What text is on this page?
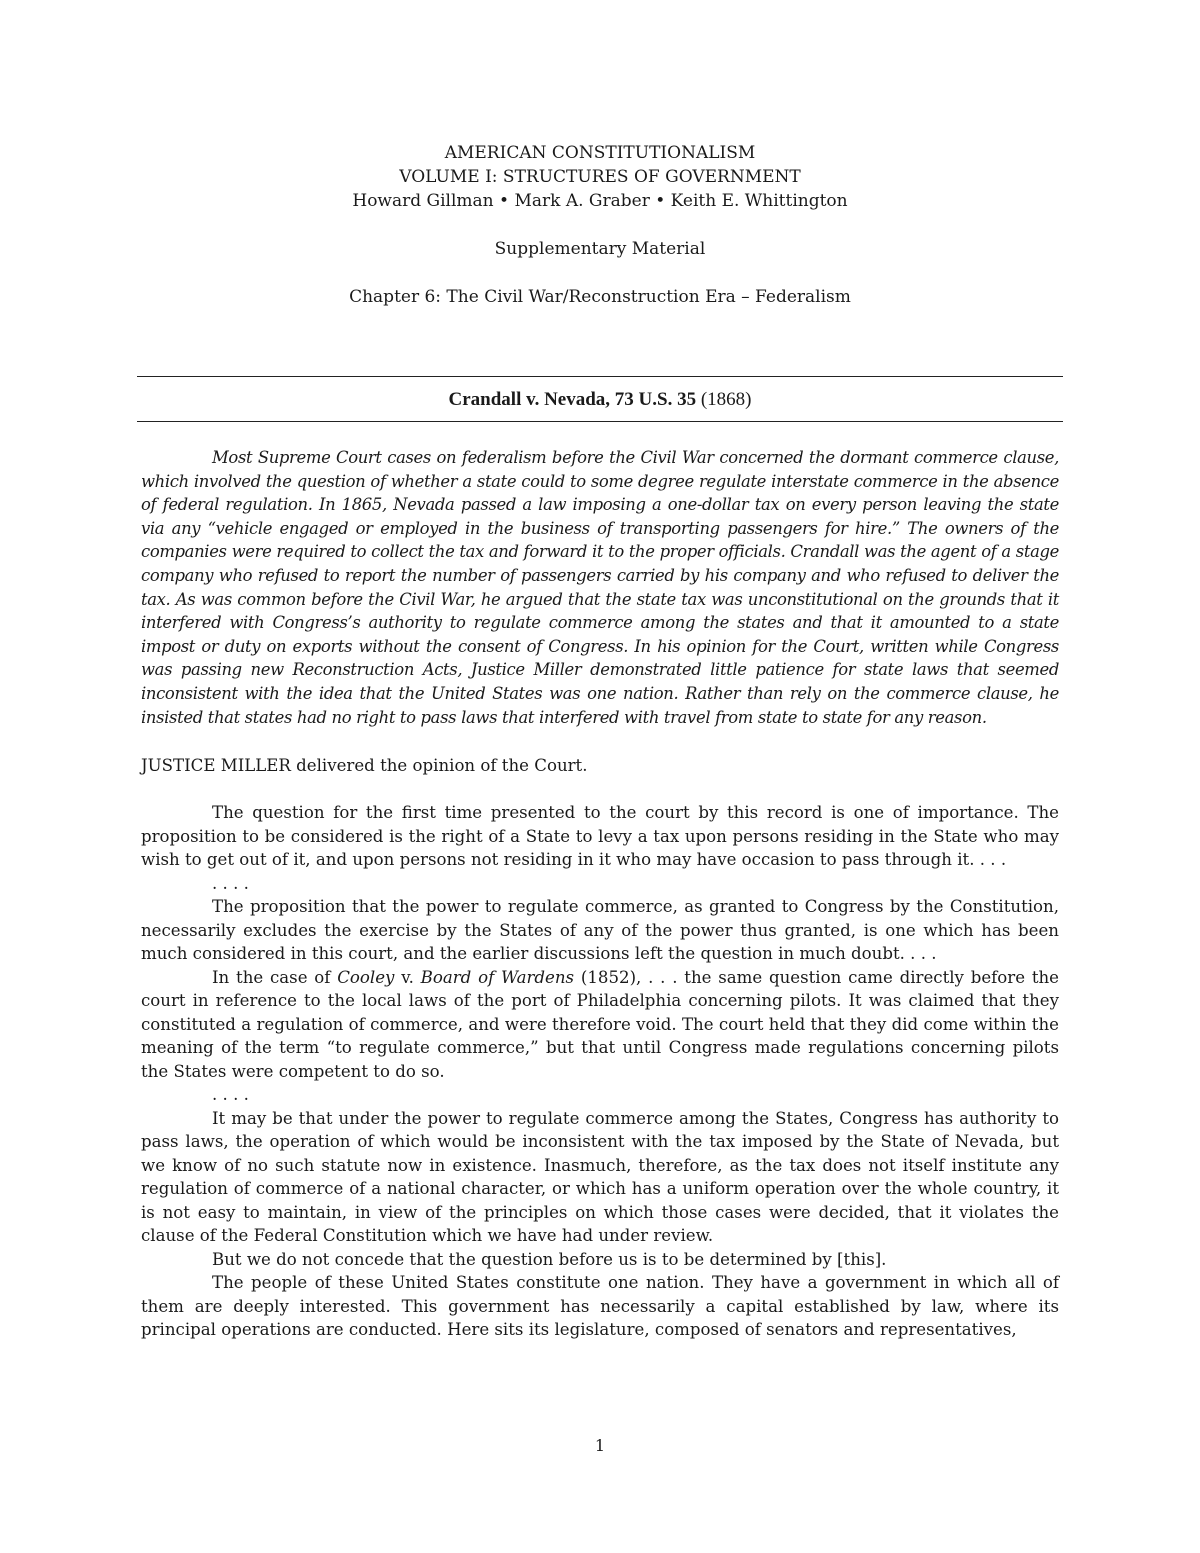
AMERICAN CONSTITUTIONALISM
VOLUME I: STRUCTURES OF GOVERNMENT
Howard Gillman • Mark A. Graber • Keith E. Whittington
Supplementary Material
Chapter 6: The Civil War/Reconstruction Era – Federalism
Crandall v. Nevada, 73 U.S. 35 (1868)

Most Supreme Court cases on federalism before the Civil War concerned the dormant commerce clause, which involved the question of whether a state could to some degree regulate interstate commerce in the absence of federal regulation. In 1865, Nevada passed a law imposing a one-dollar tax on every person leaving the state via any “vehicle engaged or employed in the business of transporting passengers for hire.” The owners of the companies were required to collect the tax and forward it to the proper officials. Crandall was the agent of a stage company who refused to report the number of passengers carried by his company and who refused to deliver the tax. As was common before the Civil War, he argued that the state tax was unconstitutional on the grounds that it interfered with Congress’s authority to regulate commerce among the states and that it amounted to a state impost or duty on exports without the consent of Congress. In his opinion for the Court, written while Congress was passing new Reconstruction Acts, Justice Miller demonstrated little patience for state laws that seemed inconsistent with the idea that the United States was one nation. Rather than rely on the commerce clause, he insisted that states had no right to pass laws that interfered with travel from state to state for any reason.

JUSTICE MILLER delivered the opinion of the Court.

The question for the first time presented to the court by this record is one of importance. The proposition to be considered is the right of a State to levy a tax upon persons residing in the State who may wish to get out of it, and upon persons not residing in it who may have occasion to pass through it. . . .

. . . .

The proposition that the power to regulate commerce, as granted to Congress by the Constitution, necessarily excludes the exercise by the States of any of the power thus granted, is one which has been much considered in this court, and the earlier discussions left the question in much doubt. . . .

In the case of Cooley v. Board of Wardens (1852), . . . the same question came directly before the court in reference to the local laws of the port of Philadelphia concerning pilots. It was claimed that they constituted a regulation of commerce, and were therefore void. The court held that they did come within the meaning of the term “to regulate commerce,” but that until Congress made regulations concerning pilots the States were competent to do so.

. . . .

It may be that under the power to regulate commerce among the States, Congress has authority to pass laws, the operation of which would be inconsistent with the tax imposed by the State of Nevada, but we know of no such statute now in existence. Inasmuch, therefore, as the tax does not itself institute any regulation of commerce of a national character, or which has a uniform operation over the whole country, it is not easy to maintain, in view of the principles on which those cases were decided, that it violates the clause of the Federal Constitution which we have had under review.

But we do not concede that the question before us is to be determined by [this].

The people of these United States constitute one nation. They have a government in which all of them are deeply interested. This government has necessarily a capital established by law, where its principal operations are conducted. Here sits its legislature, composed of senators and representatives,

1
